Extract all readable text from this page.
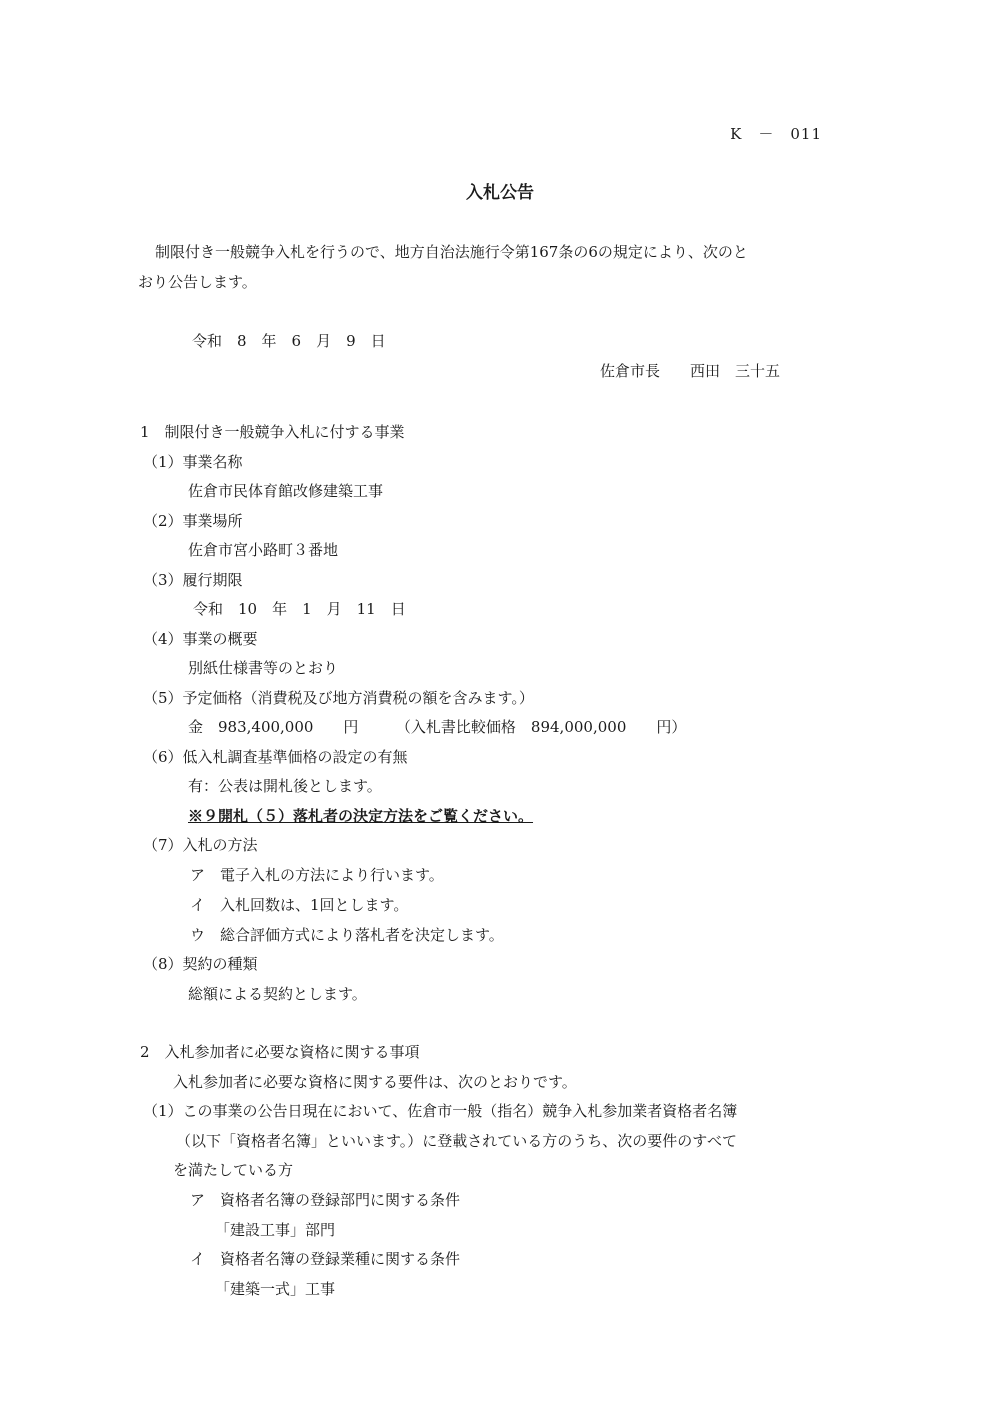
K　－　011
入札公告
制限付き一般競争入札を行うので、地方自治法施行令第167条の6の規定により、次のと
おり公告します。
令和　8　年　6　月　9　日
佐倉市長　　西田　三十五
1　制限付き一般競争入札に付する事業
（1）事業名称
佐倉市民体育館改修建築工事
（2）事業場所
佐倉市宮小路町３番地
（3）履行期限
令和　10　年　1　月　11　日
（4）事業の概要
別紙仕様書等のとおり
（5）予定価格（消費税及び地方消費税の額を含みます。）
金　983,400,000　　円　　　（入札書比較価格　894,000,000　　円）
（6）低入札調査基準価格の設定の有無
有：公表は開札後とします。
※９開札（５）落札者の決定方法をご覧ください。
（7）入札の方法
ア　電子入札の方法により行います。
イ　入札回数は、1回とします。
ウ　総合評価方式により落札者を決定します。
（8）契約の種類
総額による契約とします。
2　入札参加者に必要な資格に関する事項
入札参加者に必要な資格に関する要件は、次のとおりです。
（1）この事業の公告日現在において、佐倉市一般（指名）競争入札参加業者資格者名簿
（以下「資格者名簿」といいます。）に登載されている方のうち、次の要件のすべて
を満たしている方
ア　資格者名簿の登録部門に関する条件
「建設工事」部門
イ　資格者名簿の登録業種に関する条件
「建築一式」工事
